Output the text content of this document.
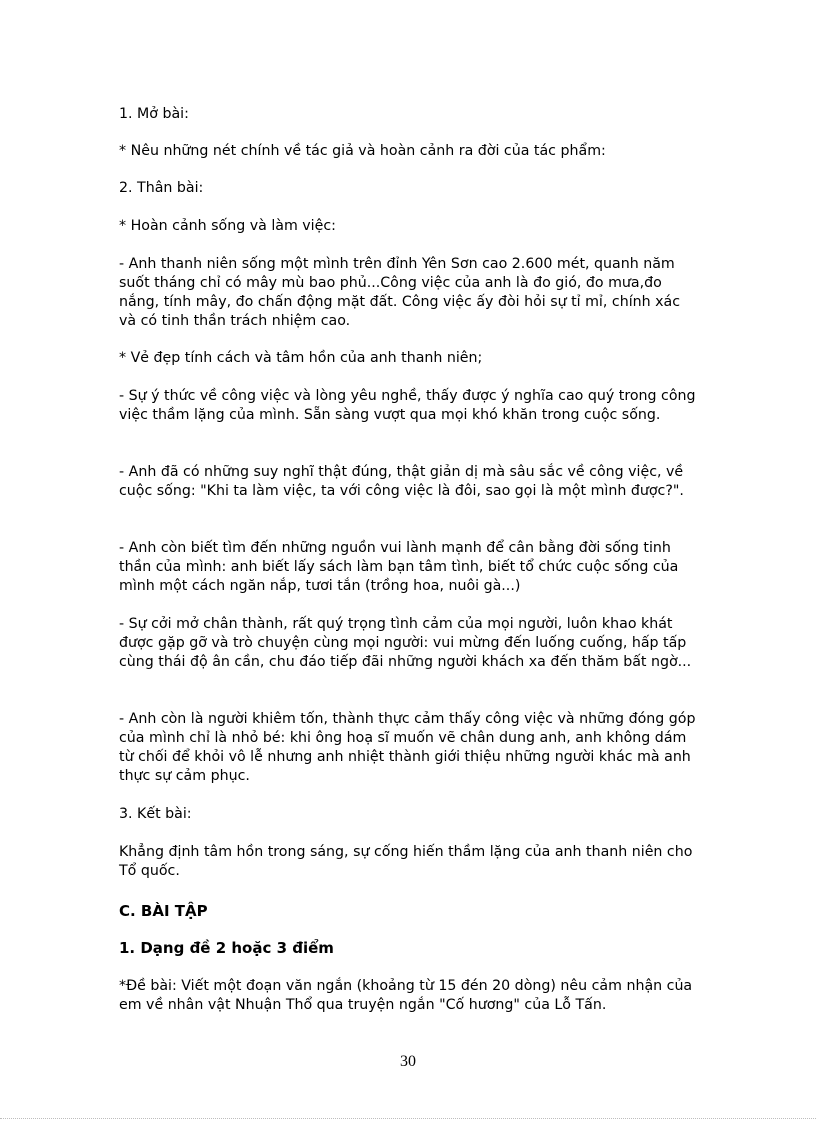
1. Mở bài:

* Nêu những nét chính về tác giả và hoàn cảnh ra đời của tác phẩm:

2. Thân bài:

* Hoàn cảnh sống và làm việc:

- Anh thanh niên sống một mình trên đỉnh Yên Sơn cao 2.600 mét, quanh năm suốt tháng chỉ có mây mù bao phủ...Công việc của anh là đo gió, đo mưa,đo nắng, tính mây, đo chấn động mặt đất. Công việc ấy đòi hỏi sự tỉ mỉ, chính xác và có tinh thần trách nhiệm cao.

* Vẻ đẹp tính cách và tâm hồn của anh thanh niên;

- Sự ý thức về công việc và lòng yêu nghề, thấy được ý nghĩa cao quý trong công việc thầm lặng của mình. Sẵn sàng vượt qua mọi khó khăn trong cuộc sống.

- Anh đã có những suy nghĩ thật đúng, thật giản dị mà sâu sắc về công việc, về cuộc sống: "Khi ta làm việc, ta với công việc là đôi, sao gọi là một mình được?".

- Anh còn biết tìm đến những nguồn vui lành mạnh để cân bằng đời sống tinh thần của mình: anh biết lấy sách làm bạn tâm tình, biết tổ chức cuộc sống của mình một cách ngăn nắp, tươi tắn (trồng hoa, nuôi gà...)

- Sự cởi mở chân thành, rất quý trọng tình cảm của mọi người, luôn khao khát được gặp gỡ và trò chuyện cùng mọi người: vui mừng đến luống cuống, hấp tấp cùng thái độ ân cần, chu đáo tiếp đãi những người khách xa đến thăm bất ngờ...

- Anh còn là người khiêm tốn, thành thực cảm thấy công việc và những đóng góp của mình chỉ là nhỏ bé: khi ông hoạ sĩ muốn vẽ chân dung anh, anh không dám từ chối để khỏi vô lễ nhưng anh nhiệt thành giới thiệu những người khác mà anh thực sự cảm phục.

3. Kết bài:

Khẳng định tâm hồn trong sáng, sự cống hiến thầm lặng của anh thanh niên cho Tổ quốc.

C. BÀI TẬP

1. Dạng đề 2 hoặc 3 điểm

*Đề bài: Viết một đoạn văn ngắn (khoảng từ 15 đén 20 dòng) nêu cảm nhận của em về nhân vật Nhuận Thổ qua truyện ngắn "Cố hương" của Lỗ Tấn.

30
